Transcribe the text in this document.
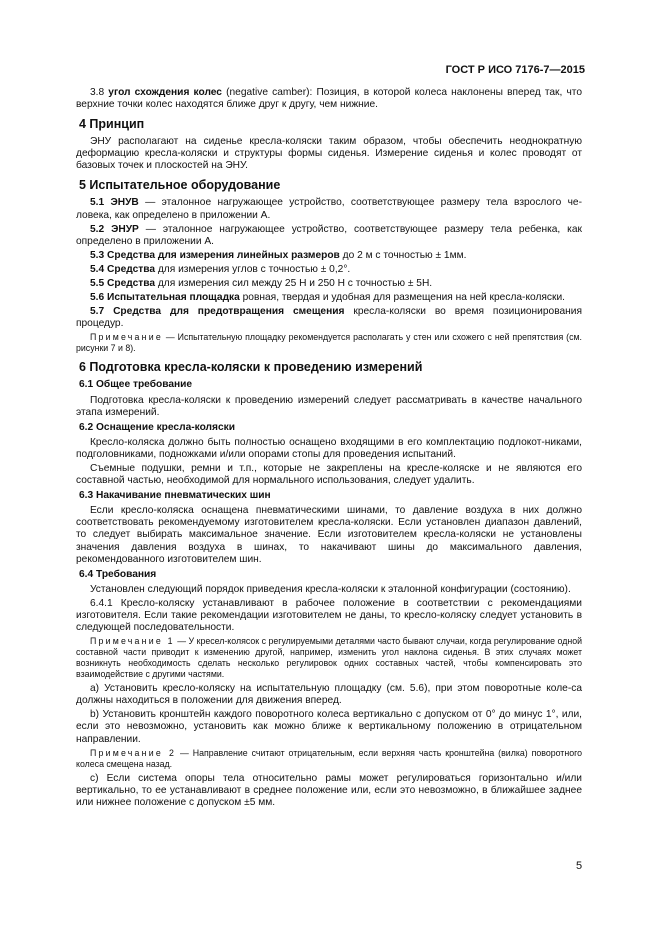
ГОСТ Р ИСО 7176-7—2015

3.8 угол схождения колес (negative camber): Позиция, в которой колеса наклонены вперед так, что верхние точки колес находятся ближе друг к другу, чем нижние.

4 Принцип

ЭНУ располагают на сиденье кресла-коляски таким образом, чтобы обеспечить неоднократную деформацию кресла-коляски и структуры формы сиденья. Измерение сиденья и колес проводят от базовых точек и плоскостей на ЭНУ.

5 Испытательное оборудование

5.1 ЭНУВ — эталонное нагружающее устройство, соответствующее размеру тела взрослого че-ловека, как определено в приложении А.

5.2 ЭНУР — эталонное нагружающее устройство, соответствующее размеру тела ребенка, как определено в приложении А.

5.3 Средства для измерения линейных размеров до 2 м с точностью ± 1мм.

5.4 Средства для измерения углов с точностью ± 0,2°.

5.5 Средства для измерения сил между 25 Н и 250 Н с точностью ± 5Н.

5.6 Испытательная площадка ровная, твердая и удобная для размещения на ней кресла-коляски.

5.7 Средства для предотвращения смещения кресла-коляски во время позиционирования процедур.

Примечание — Испытательную площадку рекомендуется располагать у стен или схожего с ней препятствия (см. рисунки 7 и 8).

6 Подготовка кресла-коляски к проведению измерений
6.1 Общее требование

Подготовка кресла-коляски к проведению измерений следует рассматривать в качестве начального этапа измерений.

6.2 Оснащение кресла-коляски

Кресло-коляска должно быть полностью оснащено входящими в его комплектацию подлокот-никами, подголовниками, подножками и/или опорами стопы для проведения испытаний.

Съемные подушки, ремни и т.п., которые не закреплены на кресле-коляске и не являются его составной частью, необходимой для нормального использования, следует удалить.

6.3 Накачивание пневматических шин

Если кресло-коляска оснащена пневматическими шинами, то давление воздуха в них должно соответствовать рекомендуемому изготовителем кресла-коляски. Если установлен диапазон давлений, то следует выбирать максимальное значение. Если изготовителем кресла-коляски не установлены значения давления воздуха в шинах, то накачивают шины до максимального давления, рекомендованного изготовителем шин.

6.4 Требования

Установлен следующий порядок приведения кресла-коляски к эталонной конфигурации (состоянию).

6.4.1 Кресло-коляску устанавливают в рабочее положение в соответствии с рекомендациями изготовителя. Если такие рекомендации изготовителем не даны, то кресло-коляску следует установить в следующей последовательности.

Примечание 1 — У кресел-колясок с регулируемыми деталями часто бывают случаи, когда регулирование одной составной части приводит к изменению другой, например, изменить угол наклона сиденья. В этих случаях может возникнуть необходимость сделать несколько регулировок одних составных частей, чтобы компенсировать это взаимодействие с другими частями.

а) Установить кресло-коляску на испытательную площадку (см. 5.6), при этом поворотные коле-са должны находиться в положении для движения вперед.

b) Установить кронштейн каждого поворотного колеса вертикально с допуском от 0° до минус 1°, или, если это невозможно, установить как можно ближе к вертикальному положению в отрицательном направлении.

Примечание 2 — Направление считают отрицательным, если верхняя часть кронштейна (вилка) поворотного колеса смещена назад.

c) Если система опоры тела относительно рамы может регулироваться горизонтально и/или вертикально, то ее устанавливают в среднее положение или, если это невозможно, в ближайшее заднее или нижнее положение с допуском ±5 мм.

5
